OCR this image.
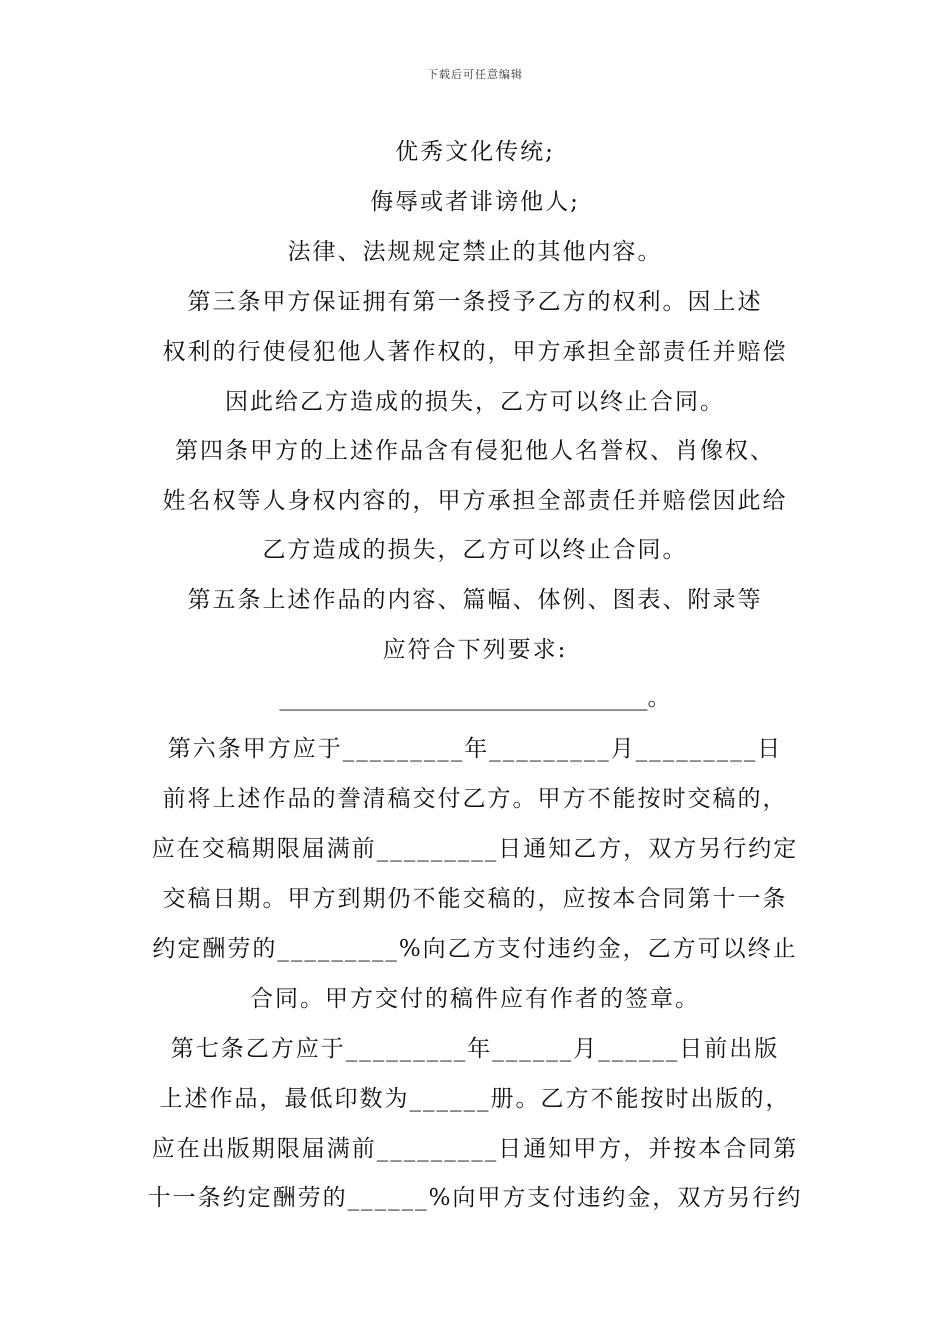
下载后可任意编辑
优秀文化传统;
侮辱或者诽谤他人;
法律、法规规定禁止的其他内容。
第三条甲方保证拥有第一条授予乙方的权利。因上述
权利的行使侵犯他人著作权的，甲方承担全部责任并赔偿
因此给乙方造成的损失，乙方可以终止合同。
第四条甲方的上述作品含有侵犯他人名誉权、肖像权、
姓名权等人身权内容的，甲方承担全部责任并赔偿因此给
乙方造成的损失，乙方可以终止合同。
第五条上述作品的内容、篇幅、体例、图表、附录等
应符合下列要求:
________________________________。
第六条甲方应于_________年_________月_________日
前将上述作品的誊清稿交付乙方。甲方不能按时交稿的，
应在交稿期限届满前_________日通知乙方，双方另行约定
交稿日期。甲方到期仍不能交稿的，应按本合同第十一条
约定酬劳的_________%向乙方支付违约金，乙方可以终止
合同。甲方交付的稿件应有作者的签章。
第七条乙方应于_________年______月______日前出版
上述作品，最低印数为______册。乙方不能按时出版的，
应在出版期限届满前_________日通知甲方，并按本合同第
十一条约定酬劳的______%向甲方支付违约金，双方另行约
